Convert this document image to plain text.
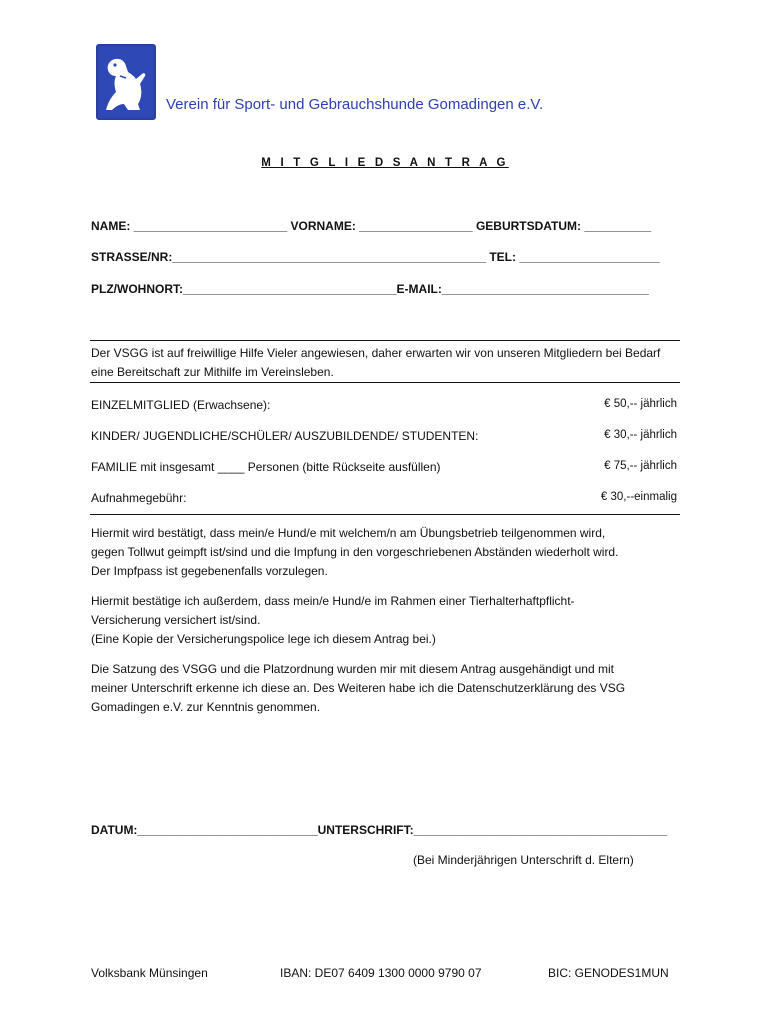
Verein für Sport- und Gebrauchshunde Gomadingen e.V.
M I T G L I E D S A N T R A G
NAME: _______________________ VORNAME: _________________ GEBURTSDATUM: __________
STRASSE/NR:_______________________________________________ TEL: _____________________
PLZ/WOHNORT:________________________________E-MAIL:_______________________________
Der VSGG ist auf freiwillige Hilfe Vieler angewiesen, daher erwarten wir von unseren Mitgliedern bei Bedarf eine Bereitschaft zur Mithilfe im Vereinsleben.
EINZELMITGLIED (Erwachsene):	€ 50,-- jährlich
KINDER/ JUGENDLICHE/SCHÜLER/ AUSZUBILDENDE/ STUDENTEN:	€ 30,-- jährlich
FAMILIE mit insgesamt ____ Personen (bitte Rückseite ausfüllen)	€ 75,-- jährlich
Aufnahmegebühr:	€ 30,--einmalig
Hiermit wird bestätigt, dass mein/e Hund/e mit welchem/n am Übungsbetrieb teilgenommen wird,
gegen Tollwut geimpft ist/sind und die Impfung in den vorgeschriebenen Abständen wiederholt wird.
Der Impfpass ist gegebenenfalls vorzulegen.
Hiermit bestätige ich außerdem, dass mein/e Hund/e im Rahmen einer Tierhalterhaftpflicht-
Versicherung versichert ist/sind.
(Eine Kopie der Versicherungspolice lege ich diesem Antrag bei.)
Die Satzung des VSGG und die Platzordnung wurden mir mit diesem Antrag ausgehändigt und mit
meiner Unterschrift erkenne ich diese an. Des Weiteren habe ich die Datenschutzerklärung des VSG
Gomadingen e.V. zur Kenntnis genommen.
DATUM:___________________________UNTERSCHRIFT:______________________________________
(Bei Minderjährigen Unterschrift d. Eltern)
Volksbank Münsingen	IBAN: DE07 6409 1300 0000 9790 07	BIC: GENODES1MUN
